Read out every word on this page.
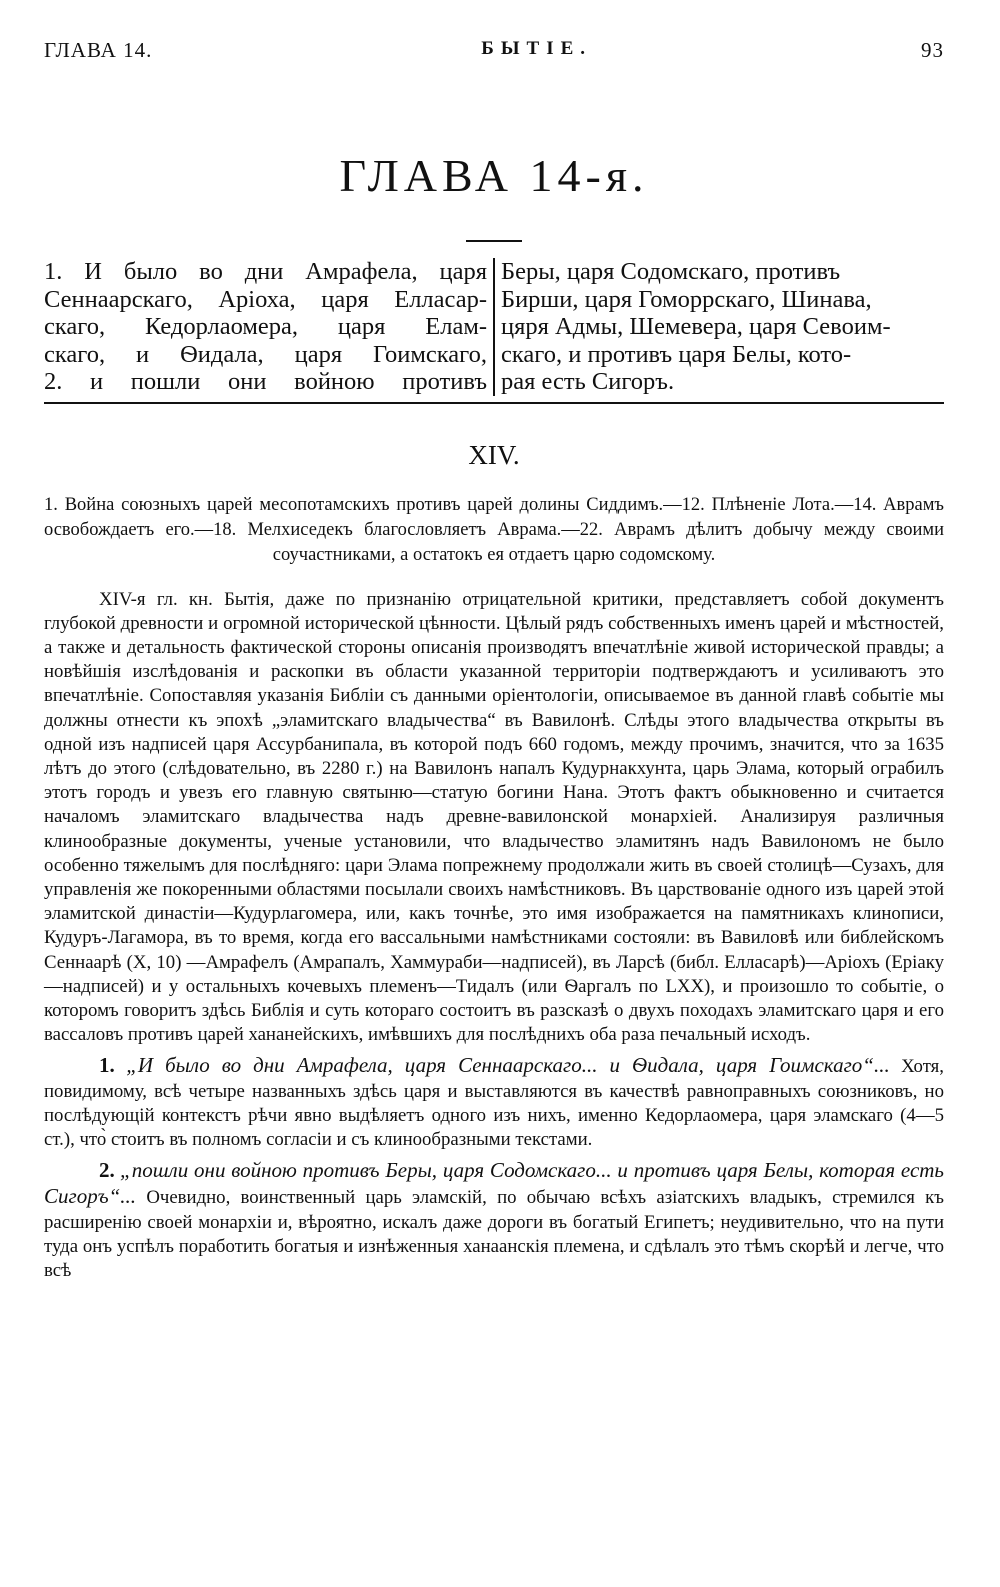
ГЛАВА 14.	БЫТІЕ.	93
ГЛАВА 14-я.
1. И было во дни Амрафела, царя
Сеннаарскаго, Аріоха, царя Елласар-
скаго, Кедорлаомера, царя Елам-
скаго, и Ѳидала, царя Гоимскаго,
2. и пошли они войною противъ
Беры, царя Содомскаго, противъ
Бирши, царя Гоморрскаго, Шинава,
цяря Адмы, Шемевера, царя Севоим-
скаго, и противъ царя Белы, кото-
рая есть Сигоръ.
XIV.
1. Война союзныхъ царей месопотамскихъ противъ царей долины Сиддимъ.—12. Плѣненіе Лота.—14. Аврамъ освобождаетъ его.—18. Мелхиседекъ благословляетъ Аврама.—22. Аврамъ дѣлитъ добычу между своими соучастниками, а остатокъ ея отдаетъ царю содомскому.

XIV-я гл. кн. Бытія, даже по признанію отрицательной критики, представляетъ собой документъ глубокой древности и огромной исторической цѣнности. Цѣлый рядъ собственныхъ именъ царей и мѣстностей, а также и детальность фактической стороны описанія производятъ впечатлѣніе живой исторической правды; а новѣйшія изслѣдованія и раскопки въ области указанной территоріи подтверждаютъ и усиливаютъ это впечатлѣніе. Сопоставляя указанія Библіи съ данными оріентологіи, описываемое въ данной главѣ событіе мы должны отнести къ эпохѣ „эламитскаго владычества“ въ Вавилонѣ. Слѣды этого владычества открыты въ одной изъ надписей царя Ассурбанипала, въ которой подъ 660 годомъ, между прочимъ, значится, что за 1635 лѣтъ до этого (слѣдовательно, въ 2280 г.) на Вавилонъ напалъ Кудурнакхунта, царь Элама, который ограбилъ этотъ городъ и увезъ его главную святыню—статую богини Нана. Этотъ фактъ обыкновенно и считается началомъ эламитскаго владычества надъ древне-вавилонской монархіей. Анализируя различныя клинообразные документы, ученые установили, что владычество эламитянъ надъ Вавилономъ не было особенно тяжелымъ для послѣдняго: цари Элама попрежнему продолжали жить въ своей столицѣ—Сузахъ, для управленія же покоренными областями посылали своихъ намѣстниковъ. Въ царствованіе одного изъ царей этой эламитской династіи—Кудурлагомера, или, какъ точнѣе, это имя изображается на памятникахъ клинописи, Кудуръ-Лагамора, въ то время, когда его вассальными намѣстниками состояли: въ Вавиловѣ или библейскомъ Сеннаарѣ (X, 10) —Амрафелъ (Амрапалъ, Хаммураби—надписей), въ Ларсѣ (библ. Елласарѣ)—Аріохъ (Еріаку—надписей) и у остальныхъ кочевыхъ племенъ—Тидалъ (или Ѳаргалъ по LXX), и произошло то событіе, о которомъ говоритъ здѣсь Библія и суть котораго состоитъ въ разсказѣ о двухъ походахъ эламитскаго царя и его вассаловъ противъ царей хананейскихъ, имѣвшихъ для послѣднихъ оба раза печальный исходъ.

1. „И было во дни Амрафела, царя Сеннаарскаго... и Ѳидала, царя Гоимскаго“... Хотя, повидимому, всѣ четыре названныхъ здѣсь царя и выставляются въ качествѣ равноправныхъ союзниковъ, но послѣдующій контекстъ рѣчи явно выдѣляетъ одного изъ нихъ, именно Кедорлаомера, царя эламскаго (4—5 ст.), что̀ стоитъ въ полномъ согласіи и съ клинообразными текстами.

2. „пошли они войною противъ Беры, царя Содомскаго... и противъ царя Белы, которая есть Сигоръ“... Очевидно, воинственный царь эламскій, по обычаю всѣхъ азіатскихъ владыкъ, стремился къ расширенію своей монархіи и, вѣроятно, искалъ даже дороги въ богатый Египетъ; неудивительно, что на пути туда онъ успѣлъ поработить богатыя и изнѣженныя ханаанскія племена, и сдѣлалъ это тѣмъ скорѣй и легче, что всѣ
